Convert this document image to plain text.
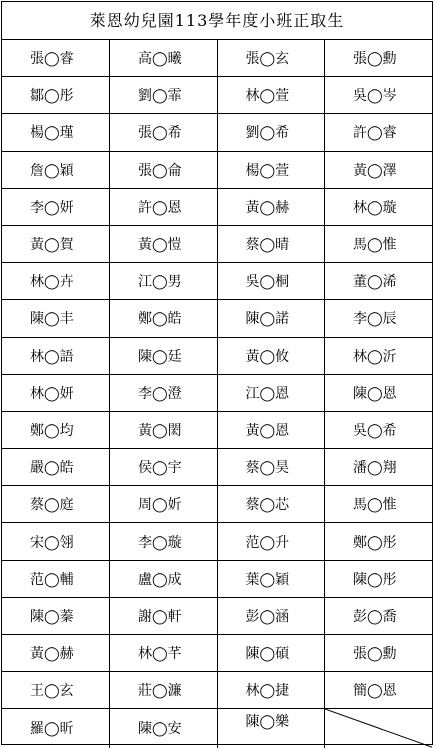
萊恩幼兒園113學年度小班正取生
張◯睿	高◯曦	張◯玄	張◯勳
鄒◯彤	劉◯霏	林◯萱	吳◯岑
楊◯瑾	張◯希	劉◯希	許◯睿
詹◯穎	張◯侖	楊◯萱	黃◯澤
李◯妍	許◯恩	黃◯赫	林◯璇
黃◯賀	黃◯愷	蔡◯晴	馬◯惟
林◯卉	江◯男	吳◯桐	董◯浠
陳◯丰	鄭◯皓	陳◯諾	李◯辰
林◯語	陳◯廷	黃◯攸	林◯沂
林◯妍	李◯澄	江◯恩	陳◯恩
鄭◯均	黃◯閎	黃◯恩	吳◯希
嚴◯皓	侯◯宇	蔡◯昊	潘◯翔
蔡◯庭	周◯妡	蔡◯芯	馬◯惟
宋◯翎	李◯璇	范◯升	鄭◯彤
范◯輔	盧◯成	葉◯穎	陳◯彤
陳◯蓁	謝◯軒	彭◯涵	彭◯喬
黃◯赫	林◯芊	陳◯碩	張◯勳
王◯玄	莊◯濂	林◯捷	簡◯恩
羅◯昕	陳◯安	陳◯樂	
